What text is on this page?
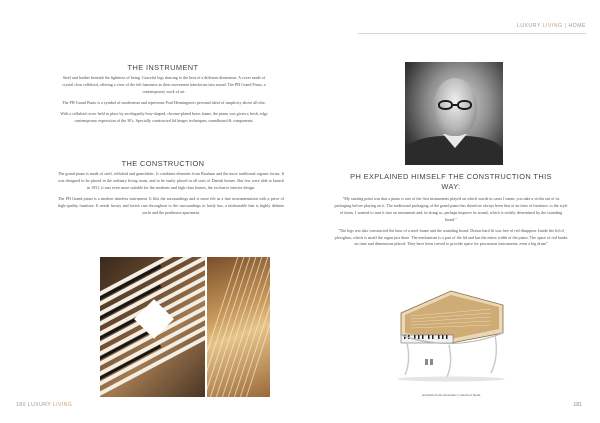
THE INSTRUMENT

Steel and leather beneath the lightness of being. Graceful legs dancing to the beat of a different dimension. A cover made of crystal clear celluloid, offering a view of the felt hammers as their movement transforms into sound. The PH Grand Piano, a contemporary work of art.

The PH Grand Piano is a symbol of modernism and represents Poul Henningsen's personal ideal of simplicity above all else.

With a celluloid cover held in place by an elegantly bow-shaped, chrome-plated brass frame, the piano was given a fresh, edgy contemporary expression of the 30's. Specially constructed lid hinges techniques, soundboard & components.

THE CONSTRUCTION

The grand piano is made of steel, celluloid and gramfabric. It combines elements from Bauhaus and the more traditional organic forms. It was designed to be placed in the ordinary living room, and to be easily placed in all sorts of Danish homes. But few were able to launch in 1931, it was even more suitable for the moderns and high class homes, the exclusive interior design.

The PH Grand piano is a modern timeless instrument. It lifts the surroundings and is more felt as a fine instrumentation with a piece of high-quality furniture. It needs luxury and lavish care throughout to the surroundings or lastly has, a fashionable that is highly debates yacht and the penthouse apartment.

180 LUXURY LIVING
LUXURY LIVING | HOME
181
PH EXPLAINED HIMSELF THE CONSTRUCTION THIS WAY:

"My starting point was that a piano is one of the first instruments played on which words in cases I mean, you take a violin out of its packaging before playing on it. The traditional packaging of the grand piano has therefore always been that of an item of furniture, to the style of times. I wanted to turn it into an instrument and, in doing so, perhaps improve its sound, which is widely determined by the sounding board."

"The legs rest also constructed the base of a steel frame and the sounding board. Drawn hard lit was free of red disappear. Inside the lid of plexiglass, which is small the organ just there. The mechanism is a part of the lid and has the entire width of the piano. The space of red banks on time and dimensions placed. They have been curved to provide space for percussion instruments, even a big drum"

Available from Alexander Collection Spain
